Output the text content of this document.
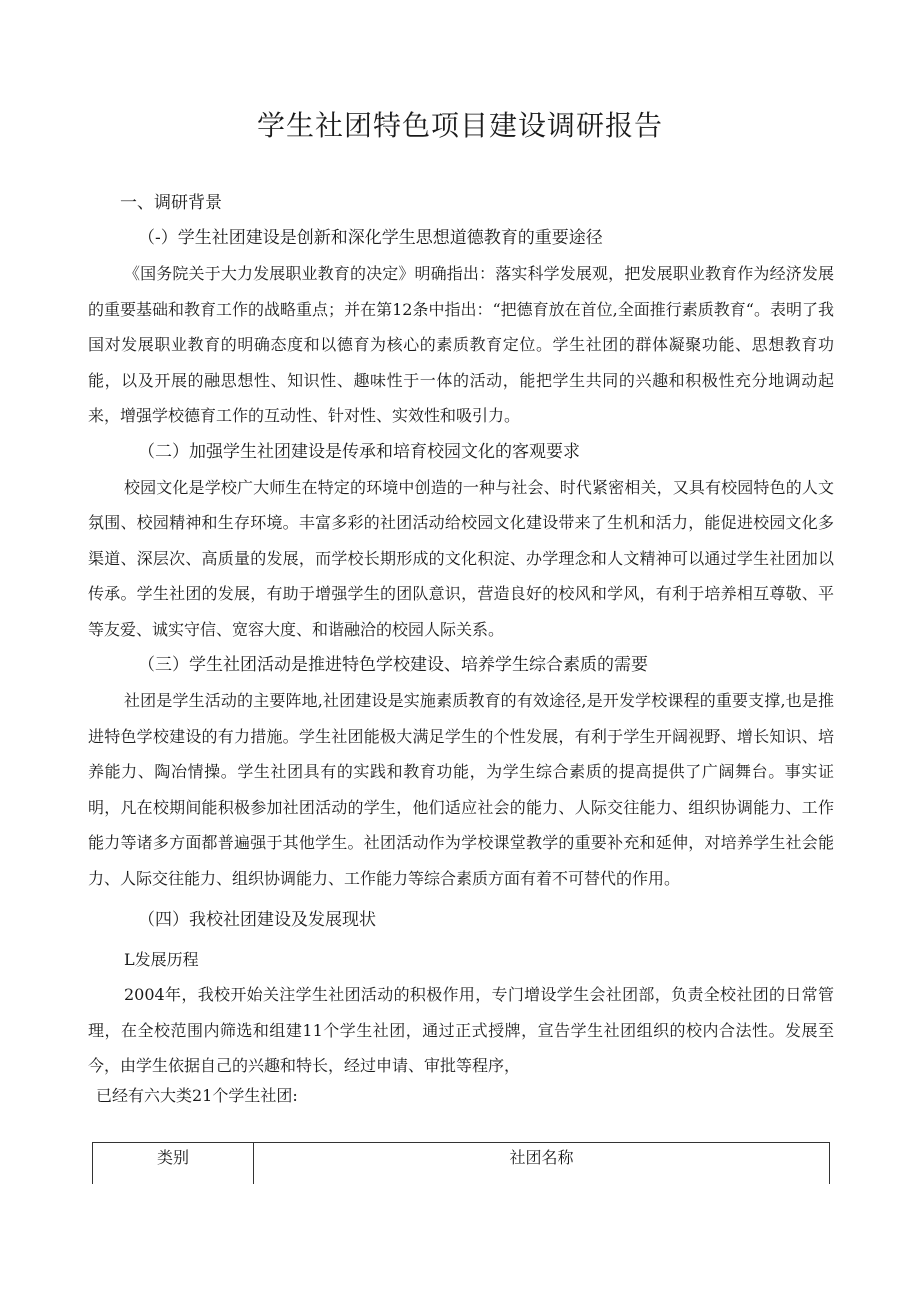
学生社团特色项目建设调研报告

一、调研背景

（-）学生社团建设是创新和深化学生思想道德教育的重要途径

《国务院关于大力发展职业教育的决定》明确指出：落实科学发展观，把发展职业教育作为经济发展的重要基础和教育工作的战略重点；并在第12条中指出：“把德育放在首位,全面推行素质教育“。表明了我国对发展职业教育的明确态度和以德育为核心的素质教育定位。学生社团的群体凝聚功能、思想教育功能，以及开展的融思想性、知识性、趣味性于一体的活动，能把学生共同的兴趣和积极性充分地调动起来，增强学校德育工作的互动性、针对性、实效性和吸引力。

（二）加强学生社团建设是传承和培育校园文化的客观要求

校园文化是学校广大师生在特定的环境中创造的一种与社会、时代紧密相关，又具有校园特色的人文氛围、校园精神和生存环境。丰富多彩的社团活动给校园文化建设带来了生机和活力，能促进校园文化多渠道、深层次、高质量的发展，而学校长期形成的文化积淀、办学理念和人文精神可以通过学生社团加以传承。学生社团的发展，有助于增强学生的团队意识，营造良好的校风和学风，有利于培养相互尊敬、平等友爱、诚实守信、宽容大度、和谐融洽的校园人际关系。

（三）学生社团活动是推进特色学校建设、培养学生综合素质的需要

社团是学生活动的主要阵地,社团建设是实施素质教育的有效途径,是开发学校课程的重要支撑,也是推进特色学校建设的有力措施。学生社团能极大满足学生的个性发展，有利于学生开阔视野、增长知识、培养能力、陶冶情操。学生社团具有的实践和教育功能，为学生综合素质的提高提供了广阔舞台。事实证明，凡在校期间能积极参加社团活动的学生，他们适应社会的能力、人际交往能力、组织协调能力、工作能力等诸多方面都普遍强于其他学生。社团活动作为学校课堂教学的重要补充和延伸，对培养学生社会能力、人际交往能力、组织协调能力、工作能力等综合素质方面有着不可替代的作用。

（四）我校社团建设及发展现状

L发展历程

2004年，我校开始关注学生社团活动的积极作用，专门增设学生会社团部，负责全校社团的日常管理，在全校范围内筛选和组建11个学生社团，通过正式授牌，宣告学生社团组织的校内合法性。发展至今，由学生依据自己的兴趣和特长，经过申请、审批等程序，

已经有六大类21个学生社团:

类别	社团名称
